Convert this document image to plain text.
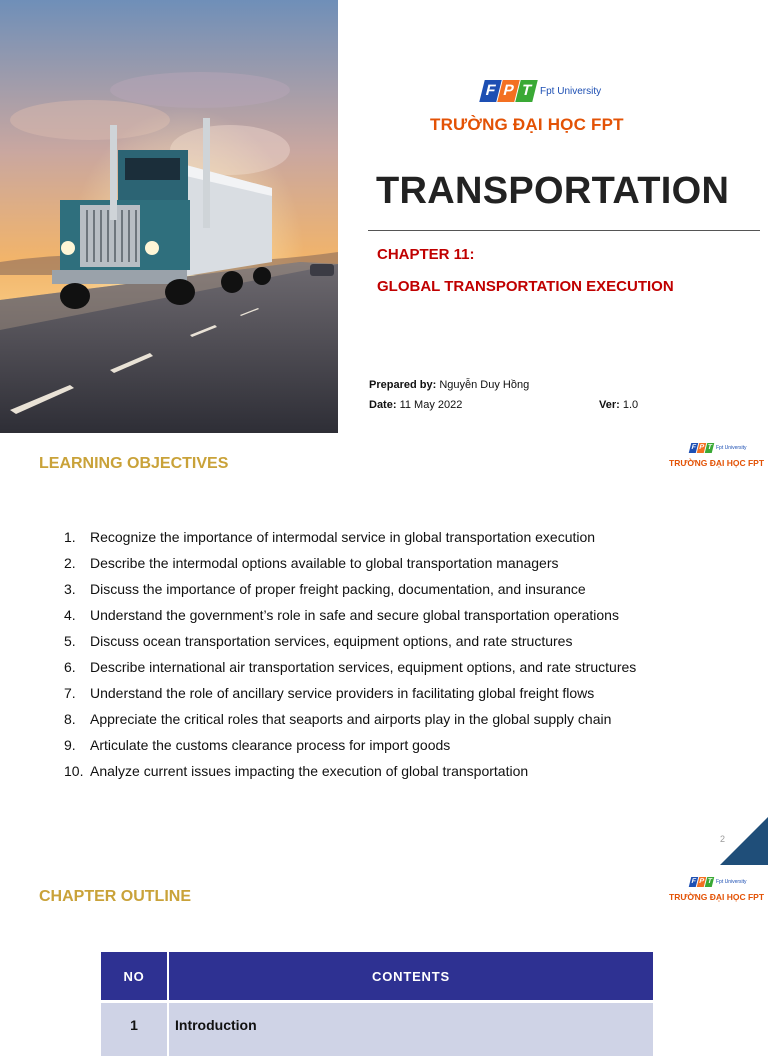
F P T Fpt University
TRƯỜNG ĐẠI HỌC FPT
TRANSPORTATION
CHAPTER 11:
GLOBAL TRANSPORTATION EXECUTION
Prepared by: Nguyễn Duy Hồng
Date: 11 May 2022	Ver: 1.0
LEARNING OBJECTIVES
F P T Fpt University
TRƯỜNG ĐẠI HỌC FPT
1.	Recognize the importance of intermodal service in global transportation execution
2.	Describe the intermodal options available to global transportation managers
3.	Discuss the importance of proper freight packing, documentation, and insurance
4.	Understand the government’s role in safe and secure global transportation operations
5.	Discuss ocean transportation services, equipment options, and rate structures
6.	Describe international air transportation services, equipment options, and rate structures
7.	Understand the role of ancillary service providers in facilitating global freight flows
8.	Appreciate the critical roles that seaports and airports play in the global supply chain
9.	Articulate the customs clearance process for import goods
10. Analyze current issues impacting the execution of global transportation
2
CHAPTER OUTLINE
F P T Fpt University
TRƯỜNG ĐẠI HỌC FPT
NO	CONTENTS
1	Introduction
